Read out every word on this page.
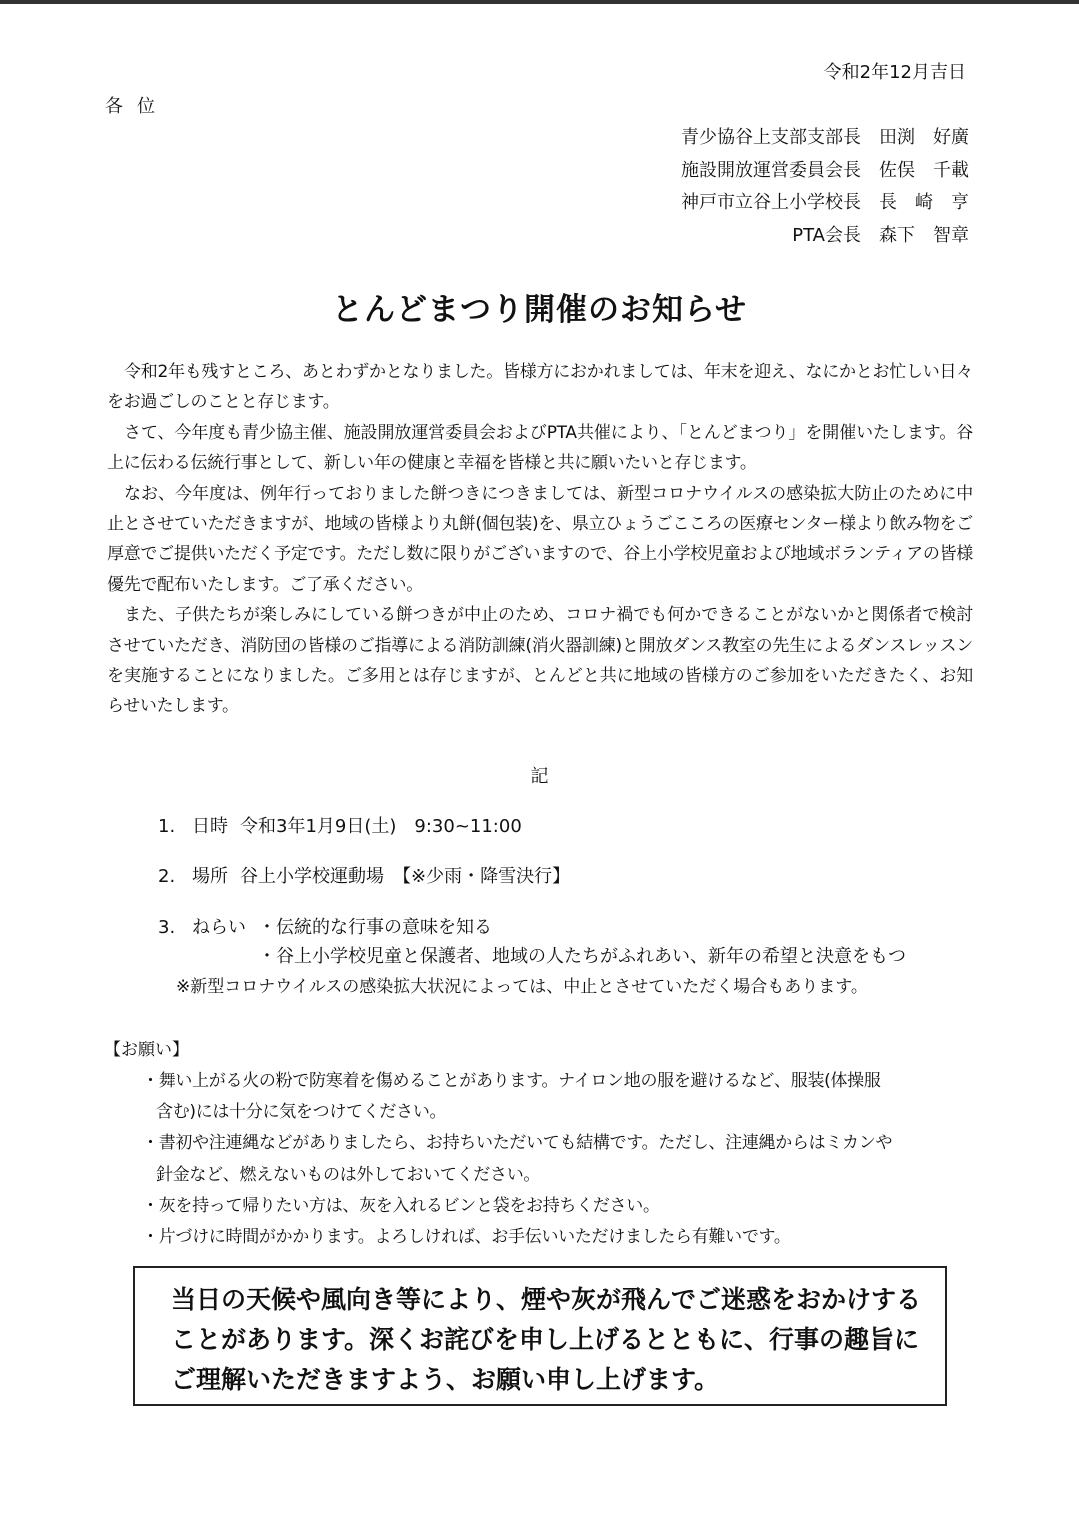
令和2年12月吉日
各位
青少協谷上支部支部長　田渕　好廣
施設開放運営委員会長　佐俣　千載
神戸市立谷上小学校長　長　崎　亨
PTA会長　森下　智章
とんどまつり開催のお知らせ

令和2年も残すところ、あとわずかとなりました。皆様方におかれましては、年末を迎え、なにかとお忙しい日々をお過ごしのことと存じます。

さて、今年度も青少協主催、施設開放運営委員会およびPTA共催により、「とんどまつり」を開催いたします。谷上に伝わる伝統行事として、新しい年の健康と幸福を皆様と共に願いたいと存じます。

なお、今年度は、例年行っておりました餅つきにつきましては、新型コロナウイルスの感染拡大防止のために中止とさせていただきますが、地域の皆様より丸餅(個包装)を、県立ひょうごこころの医療センター様より飲み物をご厚意でご提供いただく予定です。ただし数に限りがございますので、谷上小学校児童および地域ボランティアの皆様優先で配布いたします。ご了承ください。

また、子供たちが楽しみにしている餅つきが中止のため、コロナ禍でも何かできることがないかと関係者で検討させていただき、消防団の皆様のご指導による消防訓練(消火器訓練)と開放ダンス教室の先生によるダンスレッスンを実施することになりました。ご多用とは存じますが、とんどと共に地域の皆様方のご参加をいただきたく、お知らせいたします。

記
1. 日時 令和3年1月9日(土)　9:30~11:00
2. 場所 谷上小学校運動場　【※少雨・降雪決行】
3. ねらい ・伝統的な行事の意味を知る
・谷上小学校児童と保護者、地域の人たちがふれあい、新年の希望と決意をもつ
※新型コロナウイルスの感染拡大状況によっては、中止とさせていただく場合もあります。
【お願い】
・舞い上がる火の粉で防寒着を傷めることがあります。ナイロン地の服を避けるなど、服装(体操服
含む)には十分に気をつけてください。
・書初や注連縄などがありましたら、お持ちいただいても結構です。ただし、注連縄からはミカンや
針金など、燃えないものは外しておいてください。
・灰を持って帰りたい方は、灰を入れるビンと袋をお持ちください。
・片づけに時間がかかります。よろしければ、お手伝いいただけましたら有難いです。
当日の天候や風向き等により、煙や灰が飛んでご迷惑をおかけすることがあります。深くお詫びを申し上げるとともに、行事の趣旨にご理解いただきますよう、お願い申し上げます。
